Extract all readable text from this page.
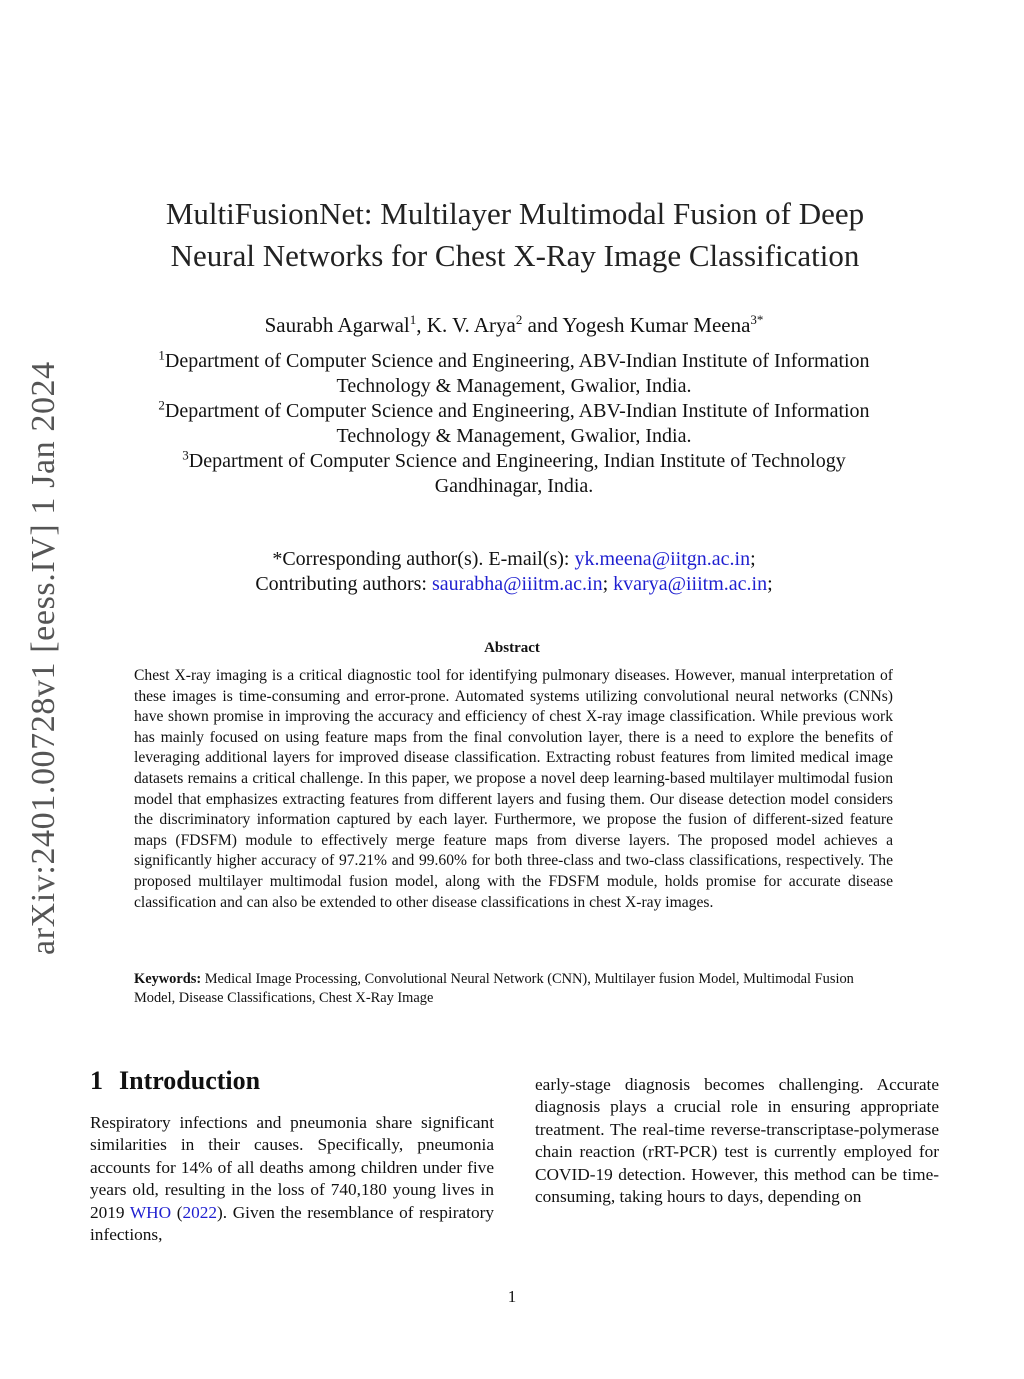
arXiv:2401.00728v1 [eess.IV] 1 Jan 2024
MultiFusionNet: Multilayer Multimodal Fusion of Deep
Neural Networks for Chest X-Ray Image Classification
Saurabh Agarwal$^1$, K. V. Arya$^2$ and Yogesh Kumar Meena$^{3*}$
$^1$Department of Computer Science and Engineering, ABV-Indian Institute of Information
Technology & Management, Gwalior, India.
$^2$Department of Computer Science and Engineering, ABV-Indian Institute of Information
Technology & Management, Gwalior, India.
$^3$Department of Computer Science and Engineering, Indian Institute of Technology
Gandhinagar, India.
*Corresponding author(s). E-mail(s): yk.meena@iitgn.ac.in;
Contributing authors: saurabha@iiitm.ac.in; kvarya@iiitm.ac.in;
Abstract
Chest X-ray imaging is a critical diagnostic tool for identifying pulmonary diseases. However, manual interpretation of these images is time-consuming and error-prone. Automated systems utilizing convolutional neural networks (CNNs) have shown promise in improving the accuracy and efficiency of chest X-ray image classification. While previous work has mainly focused on using feature maps from the final convolution layer, there is a need to explore the benefits of leveraging additional layers for improved disease classification. Extracting robust features from limited medical image datasets remains a critical challenge. In this paper, we propose a novel deep learning-based multilayer multimodal fusion model that emphasizes extracting features from different layers and fusing them. Our disease detection model considers the discriminatory information captured by each layer. Furthermore, we propose the fusion of different-sized feature maps (FDSFM) module to effectively merge feature maps from diverse layers. The proposed model achieves a significantly higher accuracy of 97.21% and 99.60% for both three-class and two-class classifications, respectively. The proposed multilayer multimodal fusion model, along with the FDSFM module, holds promise for accurate disease classification and can also be extended to other disease classifications in chest X-ray images.
Keywords: Medical Image Processing, Convolutional Neural Network (CNN), Multilayer fusion Model, Multimodal Fusion Model, Disease Classifications, Chest X-Ray Image
1 Introduction
Respiratory infections and pneumonia share significant similarities in their causes. Specifically, pneumonia accounts for 14% of all deaths among children under five years old, resulting in the loss of 740,180 young lives in 2019 WHO (2022). Given the resemblance of respiratory infections,
early-stage diagnosis becomes challenging. Accurate diagnosis plays a crucial role in ensuring appropriate treatment. The real-time reverse-transcriptase-polymerase chain reaction (rRT-PCR) test is currently employed for COVID-19 detection. However, this method can be time-consuming, taking hours to days, depending on
1
